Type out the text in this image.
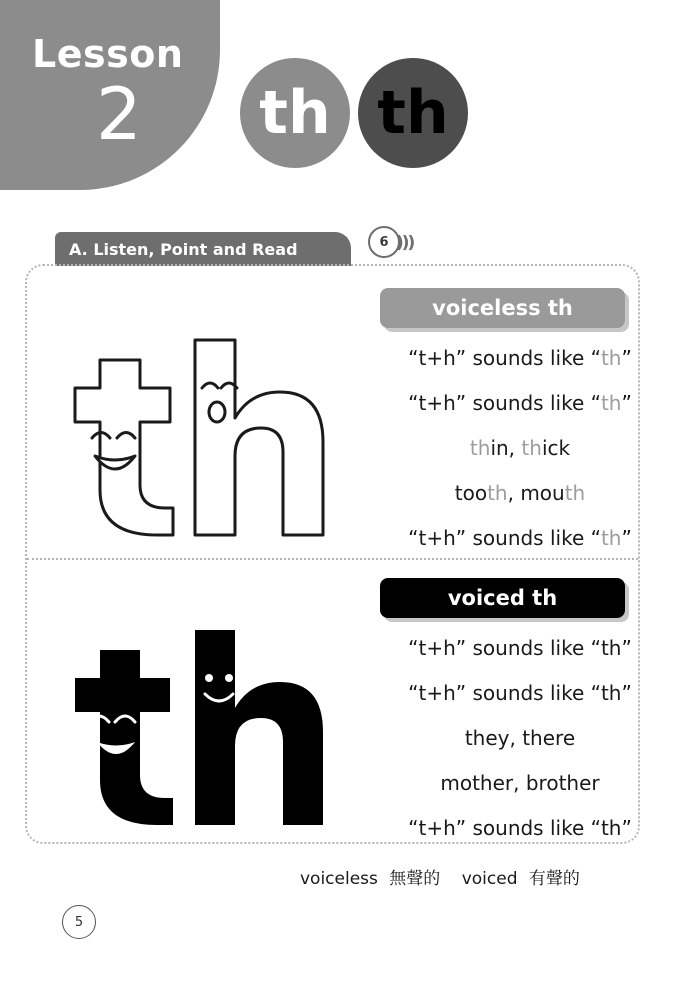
Lesson
2	th th
A. Listen, Point and Read	6 )))
voiceless th
voiced th
“t+h” sounds like “th”
“t+h” sounds like “th”
thin, thick
tooth, mouth
“t+h” sounds like “th”
“t+h” sounds like “th”
“t+h” sounds like “th”
they, there
mother, brother
“t+h” sounds like “th”
voiceless 無聲的 voiced 有聲的
5
